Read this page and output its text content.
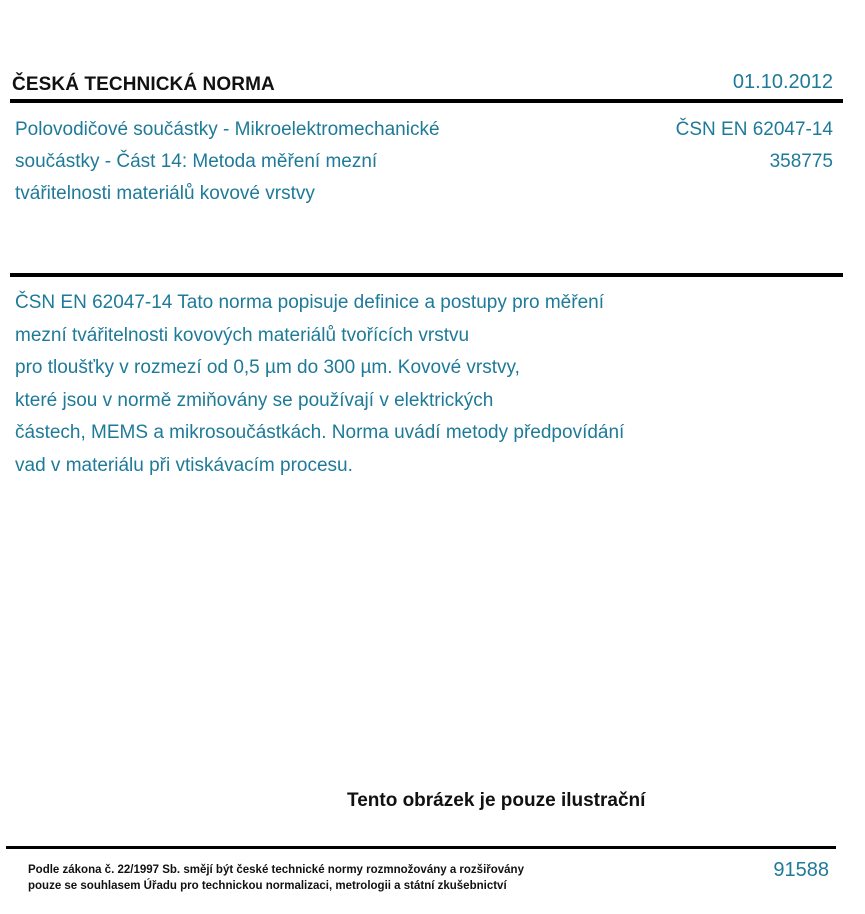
ČESKÁ TECHNICKÁ NORMA	01.10.2012
Polovodičové součástky - Mikroelektromechanické
součástky - Část 14: Metoda měření mezní
tvářitelnosti materiálů kovové vrstvy
ČSN EN 62047-14
358775
ČSN EN 62047-14 Tato norma popisuje definice a postupy pro měření
mezní tvářitelnosti kovových materiálů tvořících vrstvu
pro tloušťky v rozmezí od 0,5 µm do 300 µm. Kovové vrstvy,
které jsou v normě zmiňovány se používají v elektrických
částech, MEMS a mikrosoučástkách. Norma uvádí metody předpovídání
vad v materiálu při vtiskávacím procesu.
Tento obrázek je pouze ilustrační
Podle zákona č. 22/1997 Sb. smějí být české technické normy rozmnožovány a rozšiřovány
pouze se souhlasem Úřadu pro technickou normalizaci, metrologii a státní zkušebnictví
91588
